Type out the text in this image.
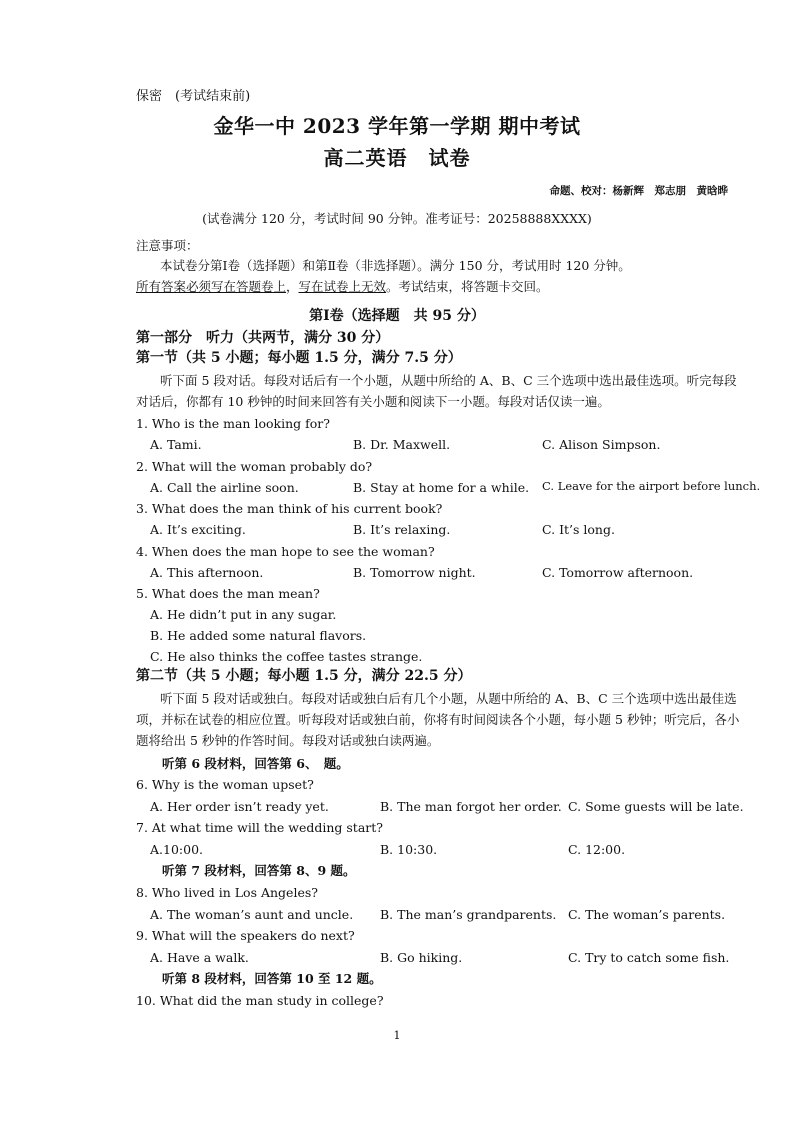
保密　(考试结束前)
金华一中 2023 学年第一学期 期中考试
高二英语　试卷
命题、校对：杨新辉　郑志朋　黄晗晔
(试卷满分 120 分，考试时间 90 分钟。准考证号：20258888XXXX)
注意事项：
本试卷分第Ⅰ卷（选择题）和第Ⅱ卷（非选择题）。满分 150 分，考试用时 120 分钟。
所有答案必须写在答题卷上，写在试卷上无效。考试结束，将答题卡交回。
第Ⅰ卷（选择题　共 95 分）
第一部分　听力（共两节，满分 30 分）
第一节（共 5 小题；每小题 1.5 分，满分 7.5 分）
听下面 5 段对话。每段对话后有一个小题，从题中所给的 A、B、C 三个选项中选出最佳选项。听完每段对话后，你都有 10 秒钟的时间来回答有关小题和阅读下一小题。每段对话仅读一遍。
1. Who is the man looking for?
A. Tami.	B. Dr. Maxwell.	C. Alison Simpson.
2. What will the woman probably do?
A. Call the airline soon.	B. Stay at home for a while. C. Leave for the airport before lunch.
3. What does the man think of his current book?
A. It’s exciting.	B. It’s relaxing.	C. It’s long.
4. When does the man hope to see the woman?
A. This afternoon.	B. Tomorrow night.	C. Tomorrow afternoon.
5. What does the man mean?
A. He didn’t put in any sugar.
B. He added some natural flavors.
C. He also thinks the coffee tastes strange.
第二节（共 5 小题；每小题 1.5 分，满分 22.5 分）
听下面 5 段对话或独白。每段对话或独白后有几个小题，从题中所给的 A、B、C 三个选项中选出最佳选项，并标在试卷的相应位置。听每段对话或独白前，你将有时间阅读各个小题，每小题 5 秒钟；听完后，各小题将给出 5 秒钟的作答时间。每段对话或独白读两遍。
听第 6 段材料，回答第 6、　题。
6. Why is the woman upset?
A. Her order isn’t ready yet.	B. The man forgot her order. C. Some guests will be late.
7. At what time will the wedding start?
A.10:00.	B. 10:30.	C. 12:00.
听第 7 段材料，回答第 8、9 题。
8. Who lived in Los Angeles?
A. The woman’s aunt and uncle. B. The man’s grandparents. C. The woman’s parents.
9. What will the speakers do next?
A. Have a walk.	B. Go hiking.	C. Try to catch some fish.
听第 8 段材料，回答第 10 至 12 题。
10. What did the man study in college?
1
